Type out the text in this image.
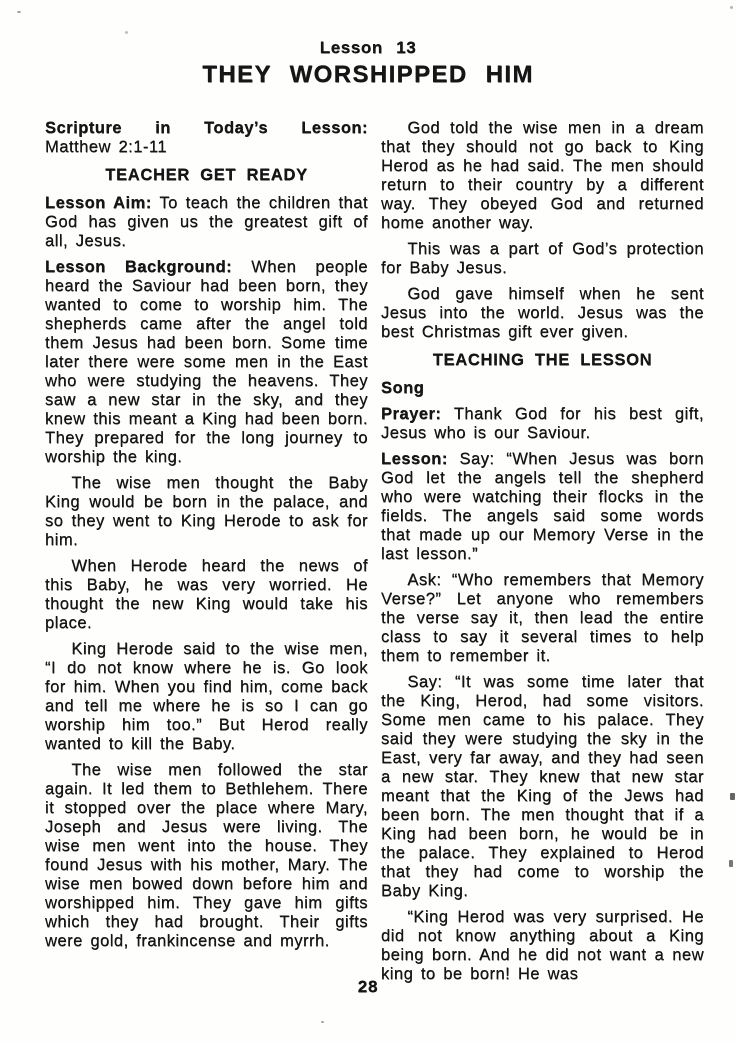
Lesson 13
THEY WORSHIPPED HIM

Scripture in Today’s Lesson:
Matthew 2:1-11

TEACHER GET READY

Lesson Aim: To teach the children that God has given us the greatest gift of all, Jesus.

Lesson Background: When people heard the Saviour had been born, they wanted to come to worship him. The shepherds came after the angel told them Jesus had been born. Some time later there were some men in the East who were studying the heavens. They saw a new star in the sky, and they knew this meant a King had been born. They prepared for the long journey to worship the king.

The wise men thought the Baby King would be born in the palace, and so they went to King Herode to ask for him.

When Herode heard the news of this Baby, he was very worried. He thought the new King would take his place.

King Herode said to the wise men, “I do not know where he is. Go look for him. When you find him, come back and tell me where he is so I can go worship him too.” But Herod really wanted to kill the Baby.

The wise men followed the star again. It led them to Bethlehem. There it stopped over the place where Mary, Joseph and Jesus were living. The wise men went into the house. They found Jesus with his mother, Mary. The wise men bowed down before him and worshipped him. They gave him gifts which they had brought. Their gifts were gold, frankincense and myrrh.

God told the wise men in a dream that they should not go back to King Herod as he had said. The men should return to their country by a different way. They obeyed God and returned home another way.

This was a part of God’s protection for Baby Jesus.

God gave himself when he sent Jesus into the world. Jesus was the best Christmas gift ever given.

TEACHING THE LESSON

Song

Prayer: Thank God for his best gift, Jesus who is our Saviour.

Lesson: Say: “When Jesus was born God let the angels tell the shepherd who were watching their flocks in the fields. The angels said some words that made up our Memory Verse in the last lesson.”

Ask: “Who remembers that Memory Verse?” Let anyone who remembers the verse say it, then lead the entire class to say it several times to help them to remember it.

Say: “It was some time later that the King, Herod, had some visitors. Some men came to his palace. They said they were studying the sky in the East, very far away, and they had seen a new star. They knew that new star meant that the King of the Jews had been born. The men thought that if a King had been born, he would be in the palace. They explained to Herod that they had come to worship the Baby King.

“King Herod was very surprised. He did not know anything about a King being born. And he did not want a new king to be born! He was

28
